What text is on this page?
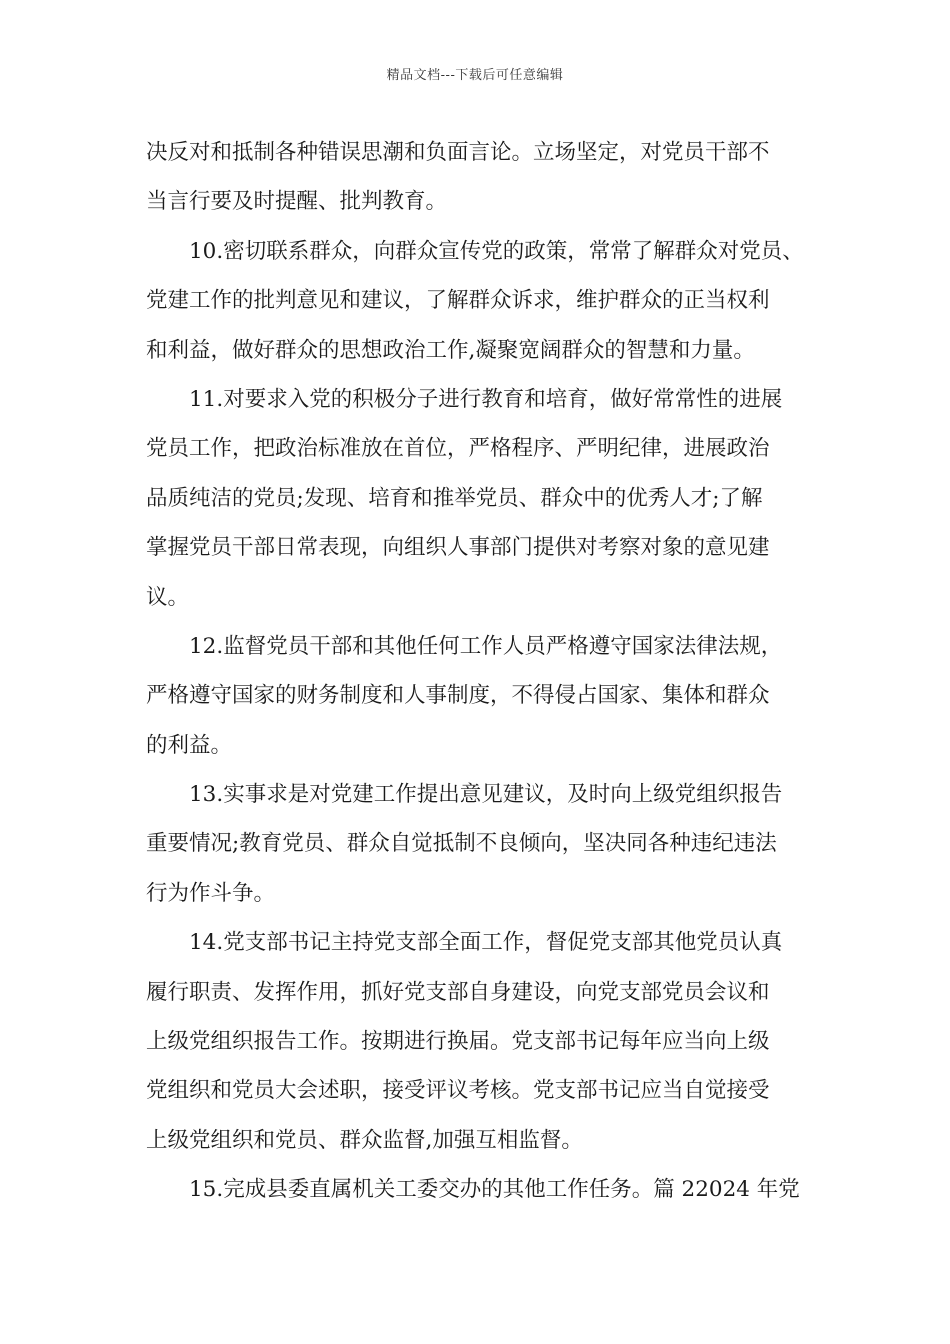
精品文档---下载后可任意编辑
决反对和抵制各种错误思潮和负面言论。立场坚定，对党员干部不
当言行要及时提醒、批判教育。
10.密切联系群众，向群众宣传党的政策，常常了解群众对党员、
党建工作的批判意见和建议，了解群众诉求，维护群众的正当权利
和利益，做好群众的思想政治工作,凝聚宽阔群众的智慧和力量。
11.对要求入党的积极分子进行教育和培育，做好常常性的进展
党员工作，把政治标准放在首位，严格程序、严明纪律，进展政治
品质纯洁的党员;发现、培育和推举党员、群众中的优秀人才;了解
掌握党员干部日常表现，向组织人事部门提供对考察对象的意见建
议。
12.监督党员干部和其他任何工作人员严格遵守国家法律法规，
严格遵守国家的财务制度和人事制度，不得侵占国家、集体和群众
的利益。
13.实事求是对党建工作提出意见建议，及时向上级党组织报告
重要情况;教育党员、群众自觉抵制不良倾向，坚决同各种违纪违法
行为作斗争。
14.党支部书记主持党支部全面工作，督促党支部其他党员认真
履行职责、发挥作用，抓好党支部自身建设，向党支部党员会议和
上级党组织报告工作。按期进行换届。党支部书记每年应当向上级
党组织和党员大会述职，接受评议考核。党支部书记应当自觉接受
上级党组织和党员、群众监督,加强互相监督。
15.完成县委直属机关工委交办的其他工作任务。篇 22024 年党
